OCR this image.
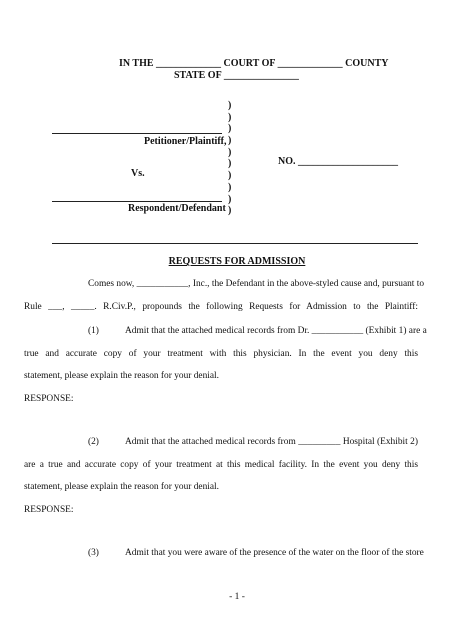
IN THE _____________ COURT OF _____________ COUNTY
STATE OF _______________
Petitioner/Plaintiff,
Vs.
Respondent/Defendant
)
)
)
)
)
)
)
)
)
)
NO. ____________________
REQUESTS FOR ADMISSION
Comes now, ___________, Inc., the Defendant in the above-styled cause and, pursuant to
Rule ___, _____. R.Civ.P., propounds the following Requests for Admission to the Plaintiff:
(1)	Admit that the attached medical records from Dr. ___________ (Exhibit 1) are a
true and accurate copy of your treatment with this physician. In the event you deny this
statement, please explain the reason for your denial.
RESPONSE:
(2)	Admit that the attached medical records from _________ Hospital (Exhibit 2)
are a true and accurate copy of your treatment at this medical facility. In the event you deny this
statement, please explain the reason for your denial.
RESPONSE:
(3)	Admit that you were aware of the presence of the water on the floor of the store
- 1 -
